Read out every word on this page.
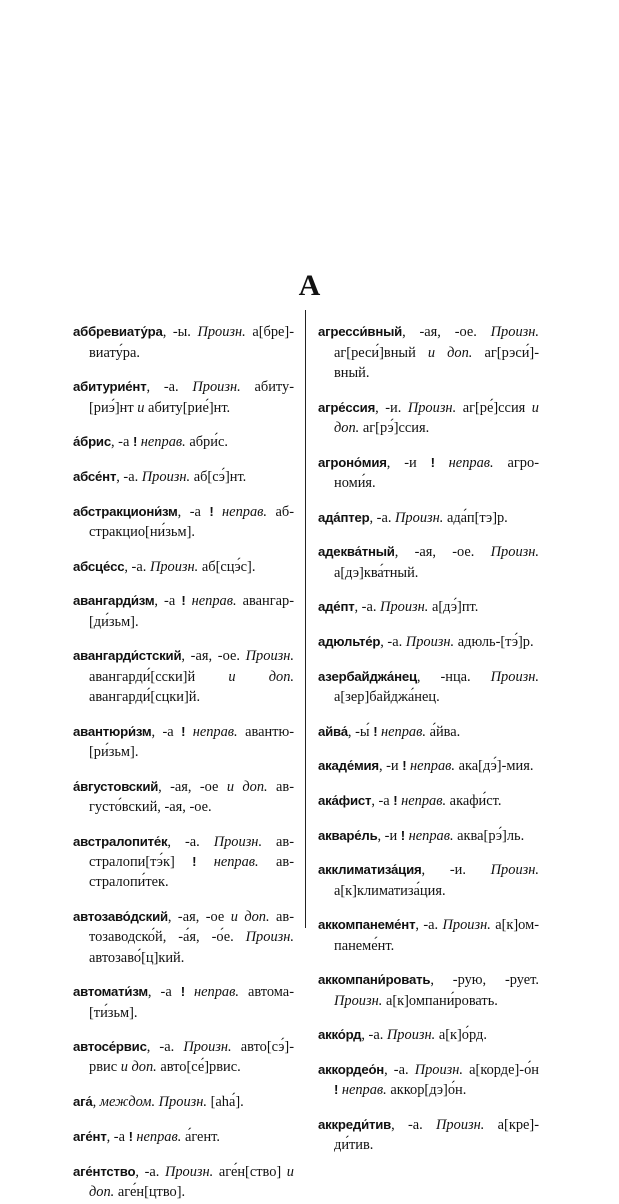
А

аббревиату́ра, -ы. Произн. а[бре]-виату́ра.

абитурие́нт, -а. Произн. абиту-[риэ́]нт и абиту[рие́]нт.

а́брис, -а ! неправ. абри́с.

абсе́нт, -а. Произн. аб[сэ́]нт.

абстракциони́зм, -а ! неправ. аб-стракцио[ни́зьм].

абсце́сс, -а. Произн. аб[сцэ́с].

авангарди́зм, -а ! неправ. авангар-[ди́зьм].

авангарди́стский, -ая, -ое. Произн. авангарди́[сски]й и доп. авангарди́[сцки]й.

авантюри́зм, -а ! неправ. авантю-[ри́зьм].

а́вгустовский, -ая, -ое и доп. ав-густо́вский, -ая, -ое.

австралопите́к, -а. Произн. ав-стралопи[тэ́к] ! неправ. ав-стралопи́тек.

автозаво́дский, -ая, -ое и доп. ав-тозаводско́й, -а́я, -о́е. Произн. автозаво́[ц]кий.

автомати́зм, -а ! неправ. автома-[ти́зьм].

автосе́рвис, -а. Произн. авто[сэ́]-рвис и доп. авто[се́]рвис.

ага́, междом. Произн. [аһа́].

аге́нт, -а ! неправ. а́гент.

аге́нтство, -а. Произн. аге́н[ство] и доп. аге́н[цтво].

агресси́вный, -ая, -ое. Произн. аг[реси́]вный и доп. аг[рэси́]-вный.

агре́ссия, -и. Произн. аг[ре́]ссия и доп. аг[рэ́]ссия.

агроно́мия, -и ! неправ. агро-номи́я.

ада́птер, -а. Произн. ада́п[тэ]р.

адеква́тный, -ая, -ое. Произн. а[дэ]ква́тный.

аде́пт, -а. Произн. а[дэ́]пт.

адюльте́р, -а. Произн. адюль-[тэ́]р.

азербайджа́нец, -нца. Произн. а[зер]байджа́нец.

айва́, -ы́ ! неправ. а́йва.

акаде́мия, -и ! неправ. ака[дэ́]-мия.

ака́фист, -а ! неправ. акафи́ст.

акваре́ль, -и ! неправ. аква[рэ́]ль.

акклиматиза́ция, -и. Произн. а[к]климатиза́ция.

аккомпанеме́нт, -а. Произн. а[к]ом-панеме́нт.

аккомпани́ровать, -рую, -рует. Произн. а[к]омпани́ровать.

акко́рд, -а. Произн. а[к]о́рд.

аккордео́н, -а. Произн. а[корде]-о́н ! неправ. аккор[дэ]о́н.

аккреди́тив, -а. Произн. а[кре]-ди́тив.
